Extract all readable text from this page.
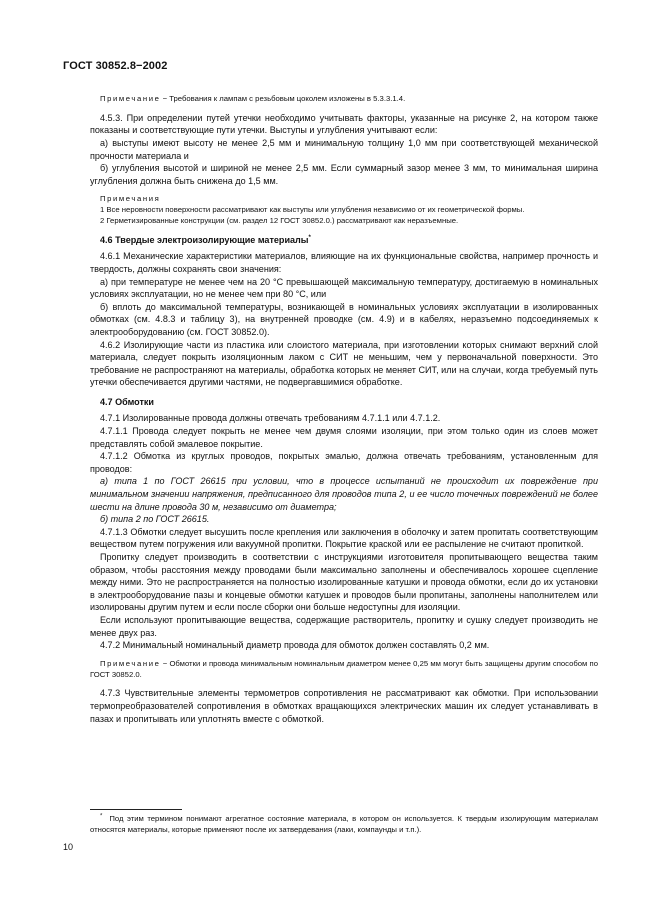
ГОСТ 30852.8−2002

Примечание − Требования к лампам с резьбовым цоколем изложены в 5.3.3.1.4.

4.5.3. При определении путей утечки необходимо учитывать факторы, указанные на рисунке 2, на котором также показаны и соответствующие пути утечки. Выступы и углубления учитывают если:

а) выступы имеют высоту не менее 2,5 мм и минимальную толщину 1,0 мм при соответствующей механической прочности материала и

б) углубления высотой и шириной не менее 2,5 мм. Если суммарный зазор менее 3 мм, то минимальная ширина углубления должна быть снижена до 1,5 мм.

Примечания

1 Все неровности поверхности рассматривают как выступы или углубления независимо от их геометрической формы.

2 Герметизированные конструкции (см. раздел 12 ГОСТ 30852.0.) рассматривают как неразъемные.

4.6 Твердые электроизолирующие материалы*

4.6.1 Механические характеристики материалов, влияющие на их функциональные свойства, например прочность и твердость, должны сохранять свои значения:

а) при температуре не менее чем на 20 °С превышающей максимальную температуру, достигаемую в номинальных условиях эксплуатации, но не менее чем при 80 °С, или

б) вплоть до максимальной температуры, возникающей в номинальных условиях эксплуатации в изолированных обмотках (см. 4.8.3 и таблицу 3), на внутренней проводке (см. 4.9) и в кабелях, неразъемно подсоединяемых к электрооборудованию (см. ГОСТ 30852.0).

4.6.2 Изолирующие части из пластика или слоистого материала, при изготовлении которых снимают верхний слой материала, следует покрыть изоляционным лаком с СИТ не меньшим, чем у первоначальной поверхности. Это требование не распространяют на материалы, обработка которых не меняет СИТ, или на случаи, когда требуемый путь утечки обеспечивается другими частями, не подвергавшимися обработке.

4.7 Обмотки

4.7.1 Изолированные провода должны отвечать требованиям 4.7.1.1 или 4.7.1.2.

4.7.1.1 Провода следует покрыть не менее чем двумя слоями изоляции, при этом только один из слоев может представлять собой эмалевое покрытие.

4.7.1.2 Обмотка из круглых проводов, покрытых эмалью, должна отвечать требованиям, установленным для проводов:

а) типа 1 по ГОСТ 26615 при условии, что в процессе испытаний не происходит их повреждение при минимальном значении напряжения, предписанного для проводов типа 2, и ее число точечных повреждений не более шести на длине провода 30 м, независимо от диаметра;

б) типа 2 по ГОСТ 26615.

4.7.1.3 Обмотки следует высушить после крепления или заключения в оболочку и затем пропитать соответствующим веществом путем погружения или вакуумной пропитки. Покрытие краской или ее распыление не считают пропиткой.

Пропитку следует производить в соответствии с инструкциями изготовителя пропитывающего вещества таким образом, чтобы расстояния между проводами были максимально заполнены и обеспечивалось хорошее сцепление между ними. Это не распространяется на полностью изолированные катушки и провода обмотки, если до их установки в электрооборудование пазы и концевые обмотки катушек и проводов были пропитаны, заполнены наполнителем или изолированы другим путем и если после сборки они больше недоступны для изоляции.

Если используют пропитывающие вещества, содержащие растворитель, пропитку и сушку следует производить не менее двух раз.

4.7.2 Минимальный номинальный диаметр провода для обмоток должен составлять 0,2 мм.

Примечание − Обмотки и провода минимальным номинальным диаметром менее 0,25 мм могут быть защищены другим способом по ГОСТ 30852.0.

4.7.3 Чувствительные элементы термометров сопротивления не рассматривают как обмотки. При использовании термопреобразователей сопротивления в обмотках вращающихся электрических машин их следует устанавливать в пазах и пропитывать или уплотнять вместе с обмоткой.

* Под этим термином понимают агрегатное состояние материала, в котором он используется. К твердым изолирующим материалам относятся материалы, которые применяют после их затвердевания (лаки, компаунды и т.п.).
10
